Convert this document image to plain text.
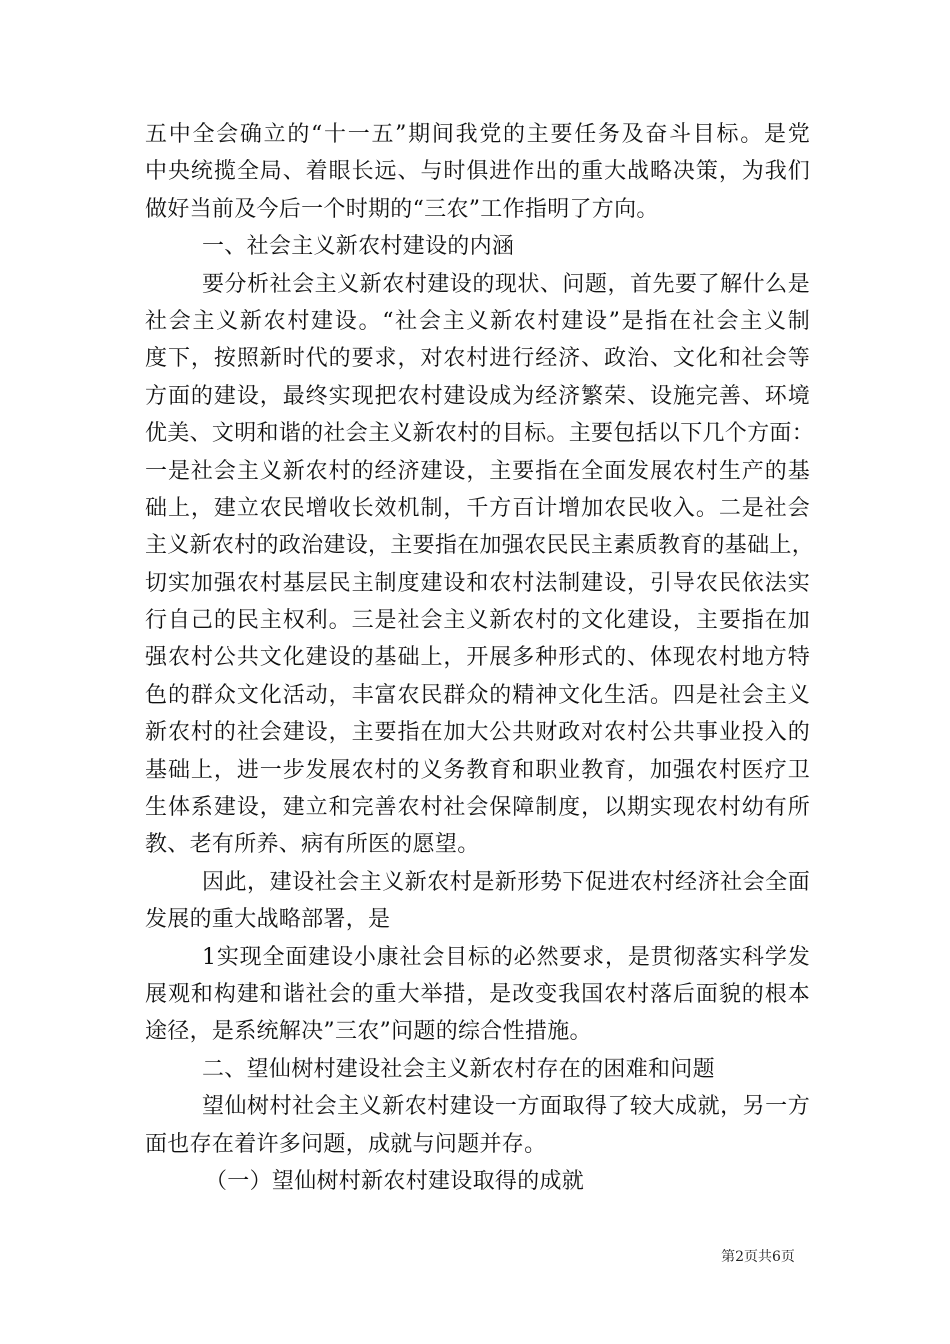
五中全会确立的“十一五”期间我党的主要任务及奋斗目标。是党
中央统揽全局、着眼长远、与时俱进作出的重大战略决策，为我们
做好当前及今后一个时期的“三农”工作指明了方向。
一、社会主义新农村建设的内涵
要分析社会主义新农村建设的现状、问题，首先要了解什么是
社会主义新农村建设。“社会主义新农村建设”是指在社会主义制
度下，按照新时代的要求，对农村进行经济、政治、文化和社会等
方面的建设，最终实现把农村建设成为经济繁荣、设施完善、环境
优美、文明和谐的社会主义新农村的目标。主要包括以下几个方面：
一是社会主义新农村的经济建设，主要指在全面发展农村生产的基
础上，建立农民增收长效机制，千方百计增加农民收入。二是社会
主义新农村的政治建设，主要指在加强农民民主素质教育的基础上，
切实加强农村基层民主制度建设和农村法制建设，引导农民依法实
行自己的民主权利。三是社会主义新农村的文化建设，主要指在加
强农村公共文化建设的基础上，开展多种形式的、体现农村地方特
色的群众文化活动，丰富农民群众的精神文化生活。四是社会主义
新农村的社会建设，主要指在加大公共财政对农村公共事业投入的
基础上，进一步发展农村的义务教育和职业教育，加强农村医疗卫
生体系建设，建立和完善农村社会保障制度，以期实现农村幼有所
教、老有所养、病有所医的愿望。
因此，建设社会主义新农村是新形势下促进农村经济社会全面
发展的重大战略部署，是
1实现全面建设小康社会目标的必然要求，是贯彻落实科学发
展观和构建和谐社会的重大举措，是改变我国农村落后面貌的根本
途径，是系统解决”三农”问题的综合性措施。
二、望仙树村建设社会主义新农村存在的困难和问题
望仙树村社会主义新农村建设一方面取得了较大成就，另一方
面也存在着许多问题，成就与问题并存。
（一）望仙树村新农村建设取得的成就
第2页共6页
